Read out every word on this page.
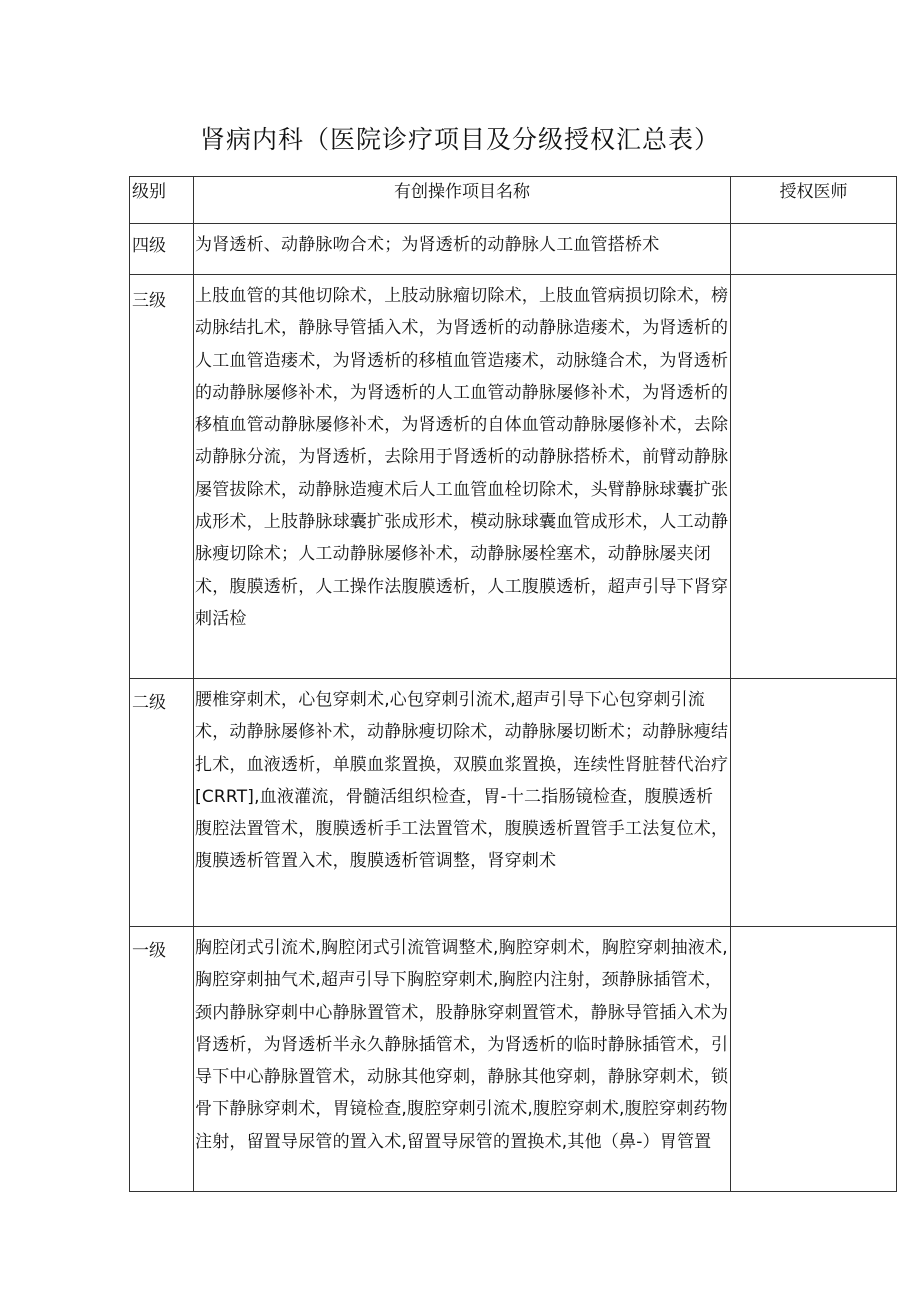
肾病内科（医院诊疗项目及分级授权汇总表）
级别	有创操作项目名称	授权医师
四级	为肾透析、动静脉吻合术；为肾透析的动静脉人工血管搭桥术	
三级	上肢血管的其他切除术，上肢动脉瘤切除术，上肢血管病损切除术，榜动脉结扎术，静脉导管插入术，为肾透析的动静脉造瘘术，为肾透析的人工血管造瘘术，为肾透析的移植血管造瘘术，动脉缝合术，为肾透析的动静脉屡修补术，为肾透析的人工血管动静脉屡修补术，为肾透析的移植血管动静脉屡修补术，为肾透析的自体血管动静脉屡修补术，去除动静脉分流，为肾透析，去除用于肾透析的动静脉搭桥术，前臂动静脉屡管拔除术，动静脉造瘦术后人工血管血栓切除术，头臂静脉球囊扩张成形术，上肢静脉球囊扩张成形术，模动脉球囊血管成形术，人工动静脉瘦切除术；人工动静脉屡修补术，动静脉屡栓塞术，动静脉屡夹闭术，腹膜透析，人工操作法腹膜透析，人工腹膜透析，超声引导下肾穿刺活检	
二级	腰椎穿刺术，心包穿刺术,心包穿刺引流术,超声引导下心包穿刺引流术，动静脉屡修补术，动静脉瘦切除术，动静脉屡切断术；动静脉瘦结扎术，血液透析，单膜血浆置换，双膜血浆置换，连续性肾脏替代治疗[CRRT],血液灌流，骨髓活组织检查，胃-十二指肠镜检查，腹膜透析腹腔法置管术，腹膜透析手工法置管术，腹膜透析置管手工法复位术，腹膜透析管置入术，腹膜透析管调整，肾穿刺术	
一级	胸腔闭式引流术,胸腔闭式引流管调整术,胸腔穿刺术，胸腔穿刺抽液术,胸腔穿刺抽气术,超声引导下胸腔穿刺术,胸腔内注射，颈静脉插管术，颈内静脉穿刺中心静脉置管术，股静脉穿刺置管术，静脉导管插入术为肾透析，为肾透析半永久静脉插管术，为肾透析的临时静脉插管术，引导下中心静脉置管术，动脉其他穿刺，静脉其他穿刺，静脉穿刺术，锁骨下静脉穿刺术，胃镜检查,腹腔穿刺引流术,腹腔穿刺术,腹腔穿刺药物注射，留置导尿管的置入术,留置导尿管的置换术,其他（鼻-）胃管置	
